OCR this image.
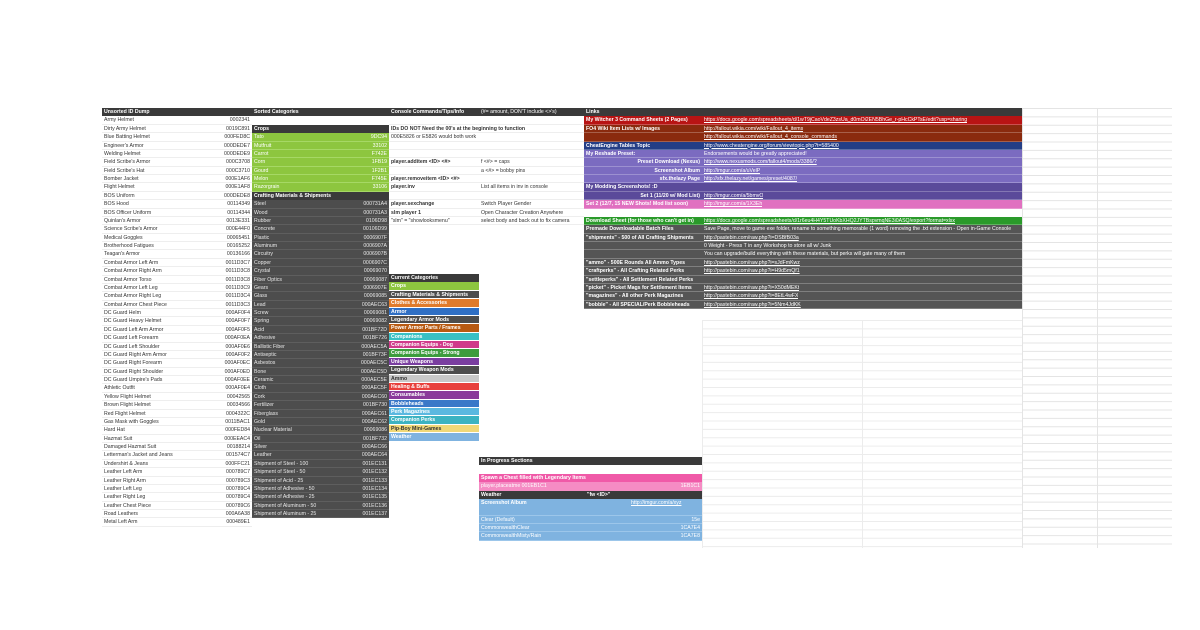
Unsorted ID Dump
Army Helmet	0002341
Dirty Army Helmet	0019C891
Blue Batting Helmet	000FED8C
Engineer's Armor	000DEDE7
Welding Helmet	000DEDE9
Field Scribe's Armor	000C3708
Field Scribe's Hat	000C3710
Bomber Jacket	000E1AF6
Flight Helmet	000E1AF8
BOS Uniform	000DEDE8
BOS Hood	00114349
BOS Officer Uniform	00114344
Quinlan's Armor	0013E331
Science Scribe's Armor	000E44F0
Medical Goggles	00065451
Brotherhood Fatigues	00165252
Teagan's Armor	00136166
Combat Armor Left Arm	0011D3C7
Combat Armor Right Arm	0011D3C8
Combat Armor Torso	0011D3C8
Combat Armor Left Leg	0011D3C9
Combat Armor Right Leg	0011D3C4
Combat Armor Chest Piece	0011D3C3
DC Guard Helm	000AF0F4
DC Guard Heavy Helmet	000AF0F7
DC Guard Left Arm Armor	000AF0F5
DC Guard Left Forearm	000AF0EA
DC Guard Left Shoulder	000AF0E6
DC Guard Right Arm Armor	000AF0F2
DC Guard Right Forearm	000AF0EC
DC Guard Right Shoulder	000AF0ED
DC Guard Umpire's Pads	000AF0EE
Athletic Outfit	000AF0E4
Yellow Flight Helmet	00042565
Brown Flight Helmet	00034566
Red Flight Helmet	0004322C
Gas Mask with Goggles	0011BAC1
Hard Hat	000FED84
Hazmat Suit	000EEAC4
Damaged Hazmat Suit	00188214
Letterman's Jacket and Jeans	001574C7
Undershirt & Jeans	000FFC21
Leather Left Arm	000789C7
Leather Right Arm	000789C3
Leather Left Leg	000789C4
Leather Right Leg	000789C4
Leather Chest Piece	000789C6
Road Leathers	000A6A38
Metal Left Arm	000489E1
Sorted Categories
Crops
Tato	9DC94
Mutfruit	33102
Carrot	F742E
Corn	1FB19
Gourd	1F2B1
Melon	F745E
Razorgrain	33106
Crafting Materials & Shipments
Steel	000731A4
Wood	000731A3
Rubber	0106D98
Concrete	00106D99
Plastic	0006907F
Aluminum	0006907A
Circuitry	0006907B
Copper	0006907C
Crystal	00069070
Fiber Optics	00069087
Gears	0006907E
Glass	00069085
Lead	000AEC63
Screw	00069081
Spring	00069082
Acid	001BF72D
Adhesive	001BF726
Ballistic Fiber	000AEC5A
Antiseptic	001BF73F
Asbestos	000AEC5C
Bone	000AEC5D
Ceramic	000AEC5E
Cloth	000AEC5F
Cork	000AEC60
Fertilizer	001BF730
Fiberglass	000AEC61
Gold	000AEC62
Nuclear Material	00069086
Oil	001BF732
Silver	000AEC66
Leather	000AEC64
Shipment of Steel - 100	001EC131
Shipment of Steel - 50	001EC132
Shipment of Acid - 25	001EC133
Shipment of Adhesive - 50	001EC134
Shipment of Adhesive - 25	001EC135
Shipment of Aluminum - 50	001EC136
Shipment of Aluminum - 25	001EC137
Console Commands/Tips/Info	(#= amount, DON'T include <>'s)
IDs DO NOT Need the 00's at the beginning to function
000E5826 or E5826 would both work
player.additem <ID> <#>	f <#> = caps
a <#> = bobby pins
player.removeitem <ID> <#>
player.inv	List all items in inv in console
player.sexchange	Switch Player Gender
slm player 1	Open Character Creation Anywhere
"slm" = "showlooksmenu"	select body and back out to fix camera
Current Categories
Crops
Crafting Materials & Shipments
Clothes & Accessories
Armor
Legendary Armor Mods
Power Armor Parts / Frames
Companions
Companion Equips - Dog
Companion Equips - Strong
Unique Weapons
Legendary Weapon Mods
Ammo
Healing & Buffs
Consumables
Bobbleheads
Perk Magazines
Companion Perks
Pip-Boy Mini-Games
Weather
Links
My Witcher 3 Command Sheets (2 Pages)	https://docs.google.com/spreadsheets/d/1wT9jCaoVdeZ3zsUa_d0mOi2EN5BhGe_r-pHcCkPTsE/edit?usp=sharing
FO4 Wiki Item Lists w/ Images	http://fallout.wikia.com/wiki/Fallout_4_items
http://fallout.wikia.com/wiki/Fallout_4_console_commands
CheatEngine Tables Topic	http://www.cheatengine.org/forum/viewtopic.php?t=585400
My Reshade Preset:	Endorsements would be greatly appreciated!
Preset Download (Nexus) http://www.nexusmods.com/fallout4/mods/3386/?
Screenshot Album http://imgur.com/a/uVelP
sfx.thelazy Page http://sfx.thelazy.net/games/preset/4087/
My Modding Screenshots! :D
Set 1 (11/20 w/ Mod List) http://imgur.com/a/5bmvO
Set 2 (12/7, 15 NEW Shots! Mod list soon)	http://imgur.com/a/1X3Eh
Download Sheet (for those who can't get in)	https://docs.google.com/spreadsheets/d/1r6eu4H4Y5TUoKbXHQ2JYTBspvmqNE3i0ASQ/export?format=xlsx
Premade Downloadable Batch Files	Save Page, move to game exe folder, rename to something memorable (1 word) removing the .txt extension - Open in-Game Console
"shipments" - 500 of All Crafting Shipments	http://pastebin.com/raw.php?i=DSBfB03a
0 Weight - Press T in any Workshop to store all w/ Junk
You can upgrade/build everything with these materials, but perks will gate many of them
"ammo" - 500E Rounds All Ammo Types	http://pastebin.com/raw.php?i=sJdFmKwz
"craftperks" - All Crafting Related Perks	http://pastebin.com/raw.php?i=H9d5mQf1
"settleperks" - All Settlement Related Perks
"picket" - Picket Mags for Settlement Items	http://pastebin.com/raw.php?i=X50dMEKt
"magazines" - All other Perk Magazines	http://pastebin.com/raw.php?i=8EtL4wFX
"bobble" - All SPECIAL/Perk Bobbleheads	http://pastebin.com/raw.php?i=5Nm4JdKK
In Progress Sections
Spawn a Chest filled with Legendary Items
player.placeatme 001EB1C1	1EB1C1
Weather	"fw <ID>"
Screenshot Album	http://imgur.com/a/xyz
Clear (Default)	15e
CommonwealthClear	1CA7E4
CommonwealthMisty/Rain	1CA7E8
